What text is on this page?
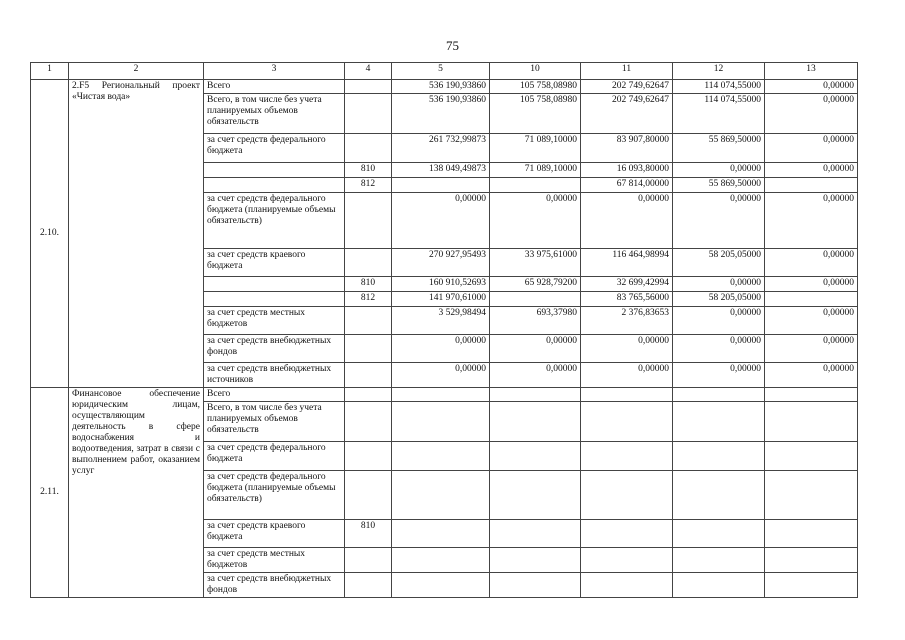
75
1	2	3	4	5	10	11	12	13
2.10.	2.F5 Региональный проект «Чистая вода»	Всего		536 190,93860	105 758,08980	202 749,62647	114 074,55000	0,00000
		Всего, в том числе без учета планируемых объемов обязательств		536 190,93860	105 758,08980	202 749,62647	114 074,55000	0,00000
		за счет средств федерального бюджета		261 732,99873	71 089,10000	83 907,80000	55 869,50000	0,00000
			810	138 049,49873	71 089,10000	16 093,80000	0,00000	0,00000
			812			67 814,00000	55 869,50000	
		за счет средств федерального бюджета (планируемые объемы обязательств)		0,00000	0,00000	0,00000	0,00000	0,00000
		за счет средств краевого бюджета		270 927,95493	33 975,61000	116 464,98994	58 205,05000	0,00000
			810	160 910,52693	65 928,79200	32 699,42994	0,00000	0,00000
			812	141 970,61000		83 765,56000	58 205,05000	
		за счет средств местных бюджетов		3 529,98494	693,37980	2 376,83653	0,00000	0,00000
		за счет средств внебюджетных фондов		0,00000	0,00000	0,00000	0,00000	0,00000
		за счет средств внебюджетных источников		0,00000	0,00000	0,00000	0,00000	0,00000
2.11.	Финансовое обеспечение юридическим лицам, осуществляющим деятельность в сфере водоснабжения и водоотведения, затрат в связи с выполнением работ, оказанием услуг	Всего						
		Всего, в том числе без учета планируемых объемов обязательств						
		за счет средств федерального бюджета						
		за счет средств федерального бюджета (планируемые объемы обязательств)						
		за счет средств краевого бюджета	810					
		за счет средств местных бюджетов						
		за счет средств внебюджетных фондов						
